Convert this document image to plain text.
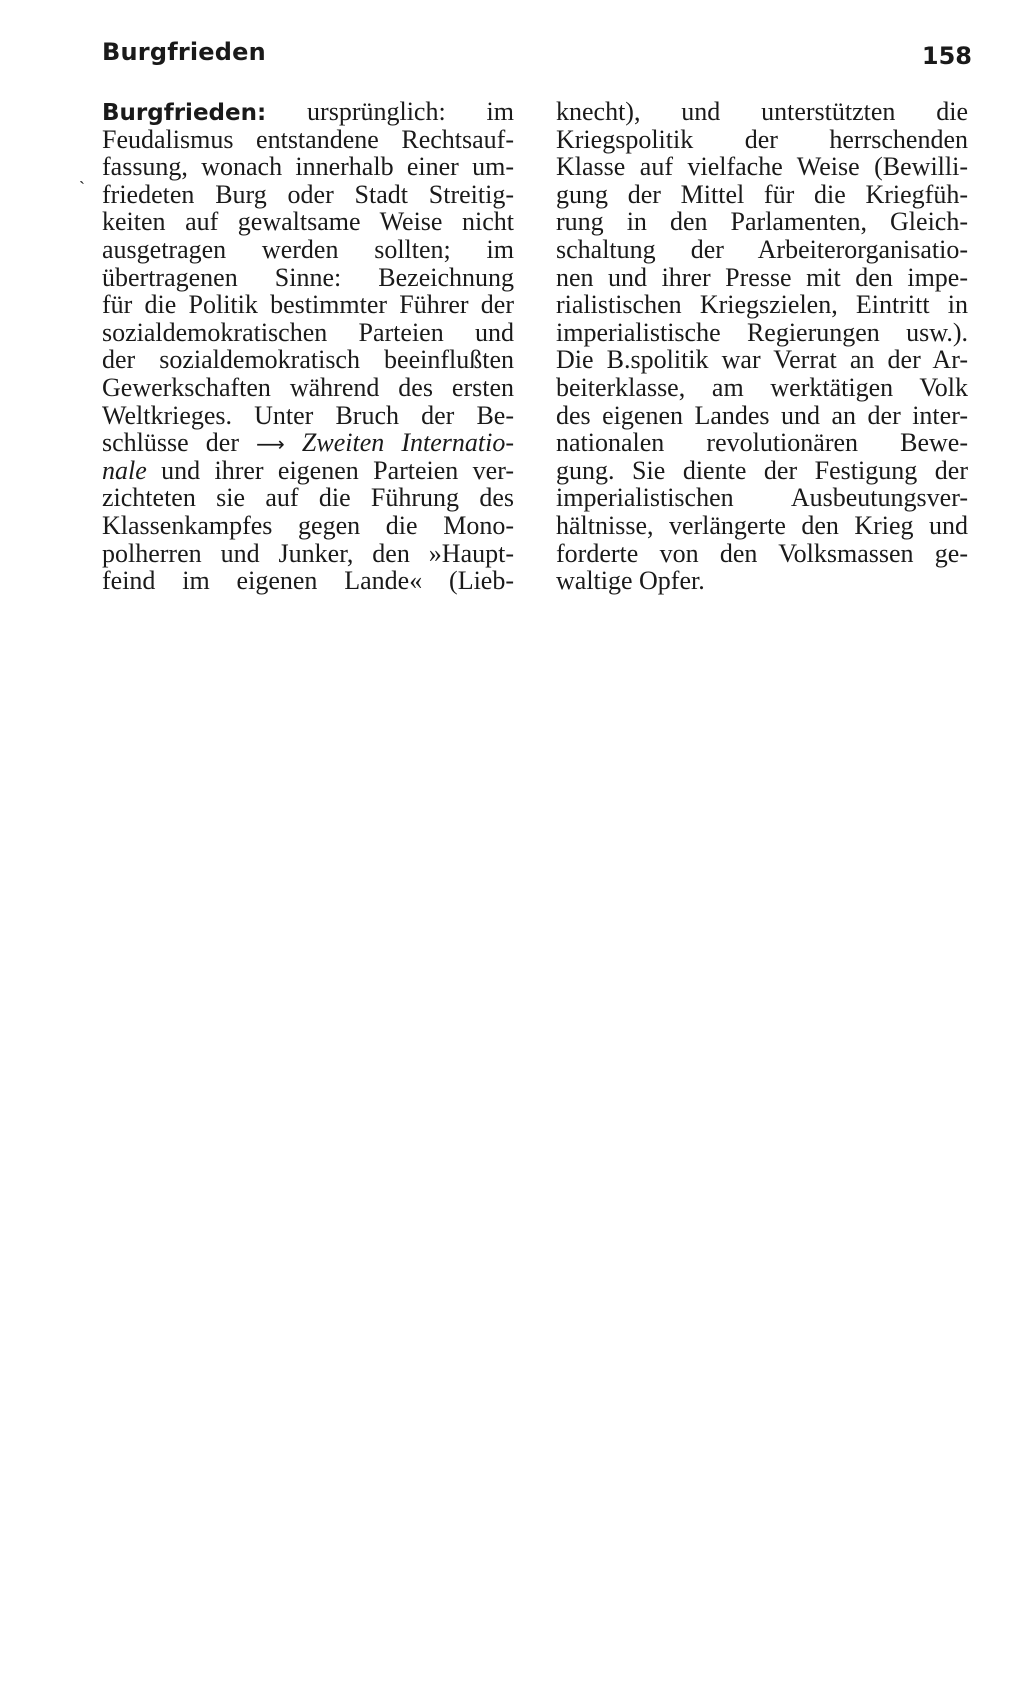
Burgfrieden	158
ˏ
Burgfrieden: ursprünglich: im
Feudalismus entstandene Rechtsauf-
fassung, wonach innerhalb einer um-
friedeten Burg oder Stadt Streitig-
keiten auf gewaltsame Weise nicht
ausgetragen werden sollten; im
übertragenen Sinne: Bezeichnung
für die Politik bestimmter Führer der
sozialdemokratischen Parteien und
der sozialdemokratisch beeinflußten
Gewerkschaften während des ersten
Weltkrieges. Unter Bruch der Be-
schlüsse der ⟶ Zweiten Internatio-
nale und ihrer eigenen Parteien ver-
zichteten sie auf die Führung des
Klassenkampfes gegen die Mono-
polherren und Junker, den »Haupt-
feind im eigenen Lande« (Lieb-
knecht), und unterstützten die
Kriegspolitik der herrschenden
Klasse auf vielfache Weise (Bewilli-
gung der Mittel für die Kriegfüh-
rung in den Parlamenten, Gleich-
schaltung der Arbeiterorganisatio-
nen und ihrer Presse mit den impe-
rialistischen Kriegszielen, Eintritt in
imperialistische Regierungen usw.).
Die B.spolitik war Verrat an der Ar-
beiterklasse, am werktätigen Volk
des eigenen Landes und an der inter-
nationalen revolutionären Bewe-
gung. Sie diente der Festigung der
imperialistischen Ausbeutungsver-
hältnisse, verlängerte den Krieg und
forderte von den Volksmassen ge-
waltige Opfer.
